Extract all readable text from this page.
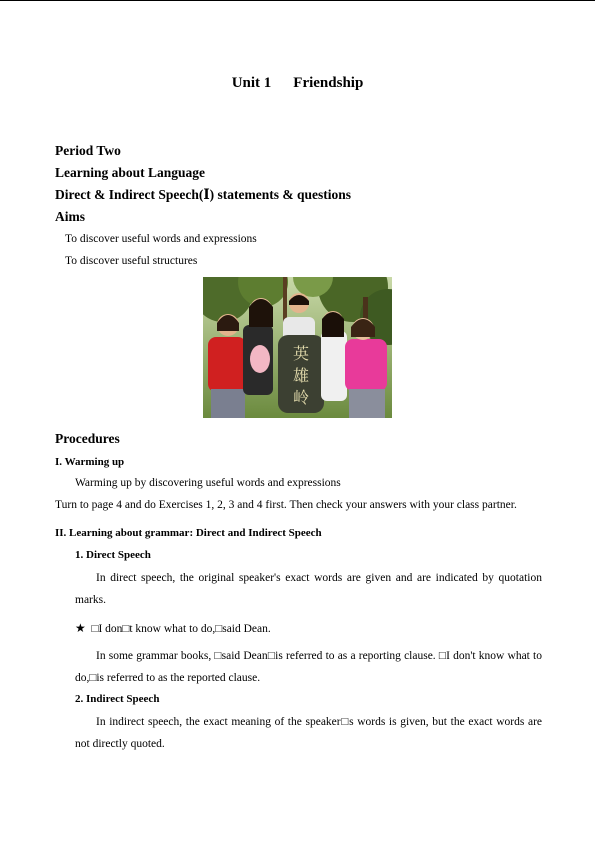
Unit 1 Friendship
Period Two
Learning about Language
Direct & Indirect Speech(Ⅰ) statements & questions
Aims
To discover useful words and expressions
To discover useful structures
英
雄
岭
Procedures
I. Warming up
Warming up by discovering useful words and expressions
Turn to page 4 and do Exercises 1, 2, 3 and 4 first. Then check your answers with your class partner.
II. Learning about grammar: Direct and Indirect Speech
1. Direct Speech
In direct speech, the original speaker's exact words are given and are indicated by quotation marks.
★ □I don□t know what to do,□said Dean.
In some grammar books, □said Dean□is referred to as a reporting clause. □I don't know what to do,□is referred to as the reported clause.
2. Indirect Speech
In indirect speech, the exact meaning of the speaker□s words is given, but the exact words are not directly quoted.
